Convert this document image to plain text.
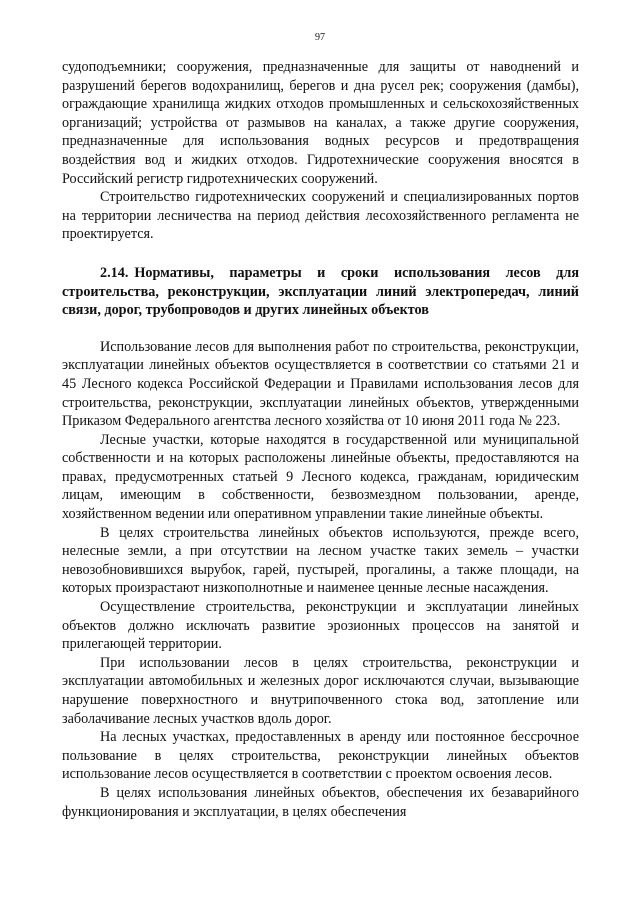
97

судоподъемники; сооружения, предназначенные для защиты от наводнений и разрушений берегов водохранилищ, берегов и дна русел рек; сооружения (дамбы), ограждающие хранилища жидких отходов промышленных и сельскохозяйственных организаций; устройства от размывов на каналах, а также другие сооружения, предназначенные для использования водных ресурсов и предотвращения воздействия вод и жидких отходов. Гидротехнические сооружения вносятся в Российский регистр гидротехнических сооружений.

Строительство гидротехнических сооружений и специализированных портов на территории лесничества на период действия лесохозяйственного регламента не проектируется.

2.14. Нормативы, параметры и сроки использования лесов для строительства, реконструкции, эксплуатации линий электропередач, линий связи, дорог, трубопроводов и других линейных объектов

Использование лесов для выполнения работ по строительства, реконструкции, эксплуатации линейных объектов осуществляется в соответствии со статьями 21 и 45 Лесного кодекса Российской Федерации и Правилами использования лесов для строительства, реконструкции, эксплуатации линейных объектов, утвержденными Приказом Федерального агентства лесного хозяйства от 10 июня 2011 года № 223.

Лесные участки, которые находятся в государственной или муниципальной собственности и на которых расположены линейные объекты, предоставляются на правах, предусмотренных статьей 9 Лесного кодекса, гражданам, юридическим лицам, имеющим в собственности, безвозмездном пользовании, аренде, хозяйственном ведении или оперативном управлении такие линейные объекты.

В целях строительства линейных объектов используются, прежде всего, нелесные земли, а при отсутствии на лесном участке таких земель – участки невозобновившихся вырубок, гарей, пустырей, прогалины, а также площади, на которых произрастают низкополнотные и наименее ценные лесные насаждения.

Осуществление строительства, реконструкции и эксплуатации линейных объектов должно исключать развитие эрозионных процессов на занятой и прилегающей территории.

При использовании лесов в целях строительства, реконструкции и эксплуатации автомобильных и железных дорог исключаются случаи, вызывающие нарушение поверхностного и внутрипочвенного стока вод, затопление или заболачивание лесных участков вдоль дорог.

На лесных участках, предоставленных в аренду или постоянное бессрочное пользование в целях строительства, реконструкции линейных объектов использование лесов осуществляется в соответствии с проектом освоения лесов.

В целях использования линейных объектов, обеспечения их безаварийного функционирования и эксплуатации, в целях обеспечения
